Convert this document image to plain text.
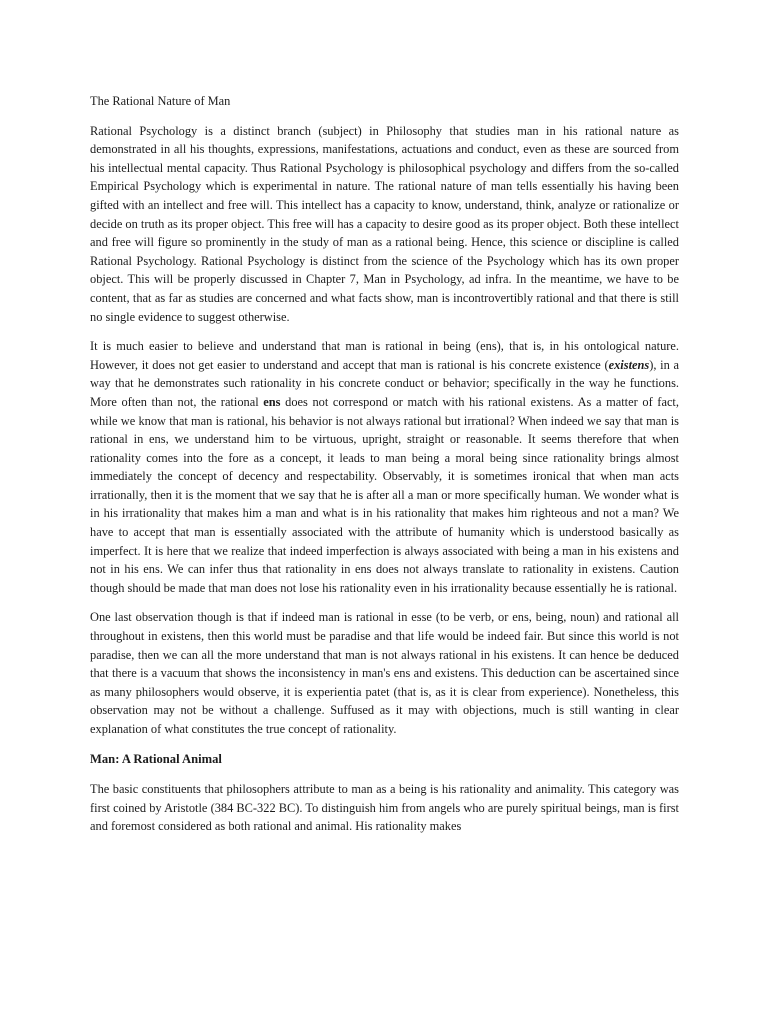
The Rational Nature of Man

Rational Psychology is a distinct branch (subject) in Philosophy that studies man in his rational nature as demonstrated in all his thoughts, expressions, manifestations, actuations and conduct, even as these are sourced from his intellectual mental capacity. Thus Rational Psychology is philosophical psychology and differs from the so-called Empirical Psychology which is experimental in nature. The rational nature of man tells essentially his having been gifted with an intellect and free will. This intellect has a capacity to know, understand, think, analyze or rationalize or decide on truth as its proper object. This free will has a capacity to desire good as its proper object. Both these intellect and free will figure so prominently in the study of man as a rational being. Hence, this science or discipline is called Rational Psychology. Rational Psychology is distinct from the science of the Psychology which has its own proper object. This will be properly discussed in Chapter 7, Man in Psychology, ad infra. In the meantime, we have to be content, that as far as studies are concerned and what facts show, man is incontrovertibly rational and that there is still no single evidence to suggest otherwise.

It is much easier to believe and understand that man is rational in being (ens), that is, in his ontological nature. However, it does not get easier to understand and accept that man is rational is his concrete existence (existens), in a way that he demonstrates such rationality in his concrete conduct or behavior; specifically in the way he functions. More often than not, the rational ens does not correspond or match with his rational existens. As a matter of fact, while we know that man is rational, his behavior is not always rational but irrational? When indeed we say that man is rational in ens, we understand him to be virtuous, upright, straight or reasonable. It seems therefore that when rationality comes into the fore as a concept, it leads to man being a moral being since rationality brings almost immediately the concept of decency and respectability. Observably, it is sometimes ironical that when man acts irrationally, then it is the moment that we say that he is after all a man or more specifically human. We wonder what is in his irrationality that makes him a man and what is in his rationality that makes him righteous and not a man? We have to accept that man is essentially associated with the attribute of humanity which is understood basically as imperfect. It is here that we realize that indeed imperfection is always associated with being a man in his existens and not in his ens. We can infer thus that rationality in ens does not always translate to rationality in existens. Caution though should be made that man does not lose his rationality even in his irrationality because essentially he is rational.

One last observation though is that if indeed man is rational in esse (to be verb, or ens, being, noun) and rational all throughout in existens, then this world must be paradise and that life would be indeed fair. But since this world is not paradise, then we can all the more understand that man is not always rational in his existens. It can hence be deduced that there is a vacuum that shows the inconsistency in man's ens and existens. This deduction can be ascertained since as many philosophers would observe, it is experientia patet (that is, as it is clear from experience). Nonetheless, this observation may not be without a challenge. Suffused as it may with objections, much is still wanting in clear explanation of what constitutes the true concept of rationality.

Man: A Rational Animal

The basic constituents that philosophers attribute to man as a being is his rationality and animality. This category was first coined by Aristotle (384 BC-322 BC). To distinguish him from angels who are purely spiritual beings, man is first and foremost considered as both rational and animal. His rationality makes
